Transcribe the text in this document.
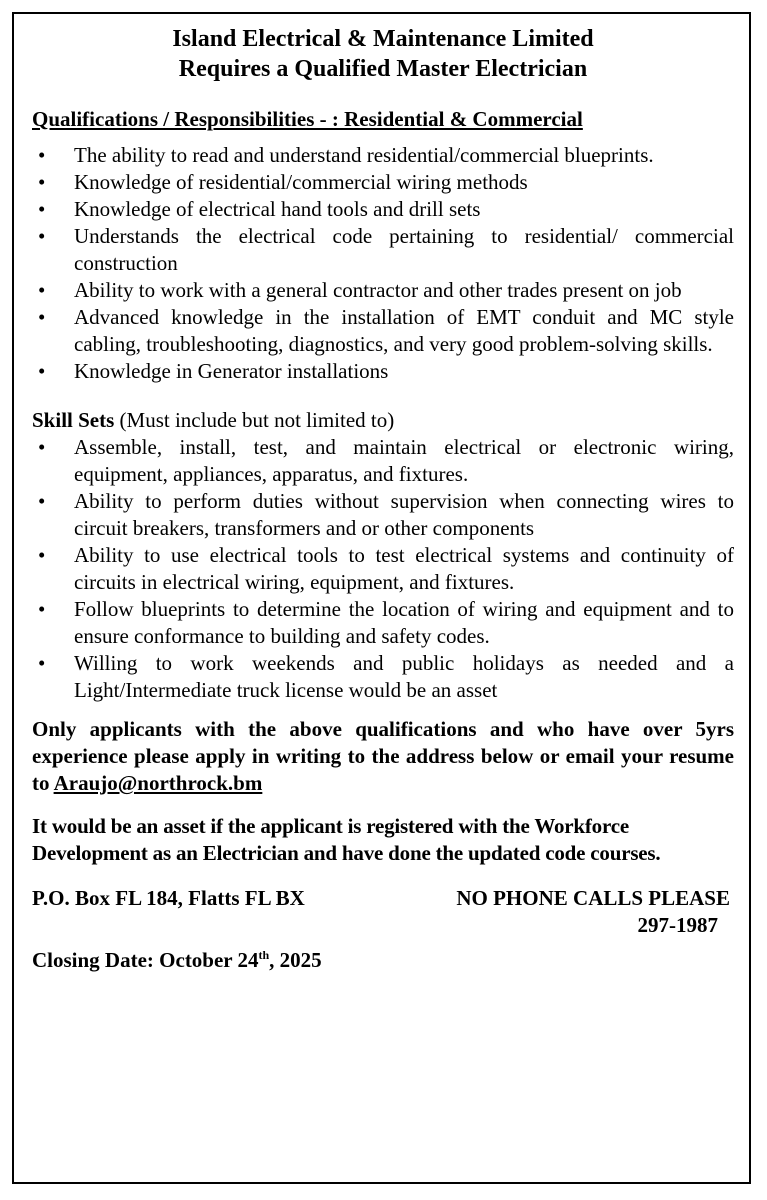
Island Electrical & Maintenance Limited
Requires a Qualified Master Electrician
Qualifications / Responsibilities - : Residential & Commercial
• The ability to read and understand residential/commercial blueprints.
• Knowledge of residential/commercial wiring methods
• Knowledge of electrical hand tools and drill sets
• Understands the electrical code pertaining to residential/ commercial construction
• Ability to work with a general contractor and other trades present on job
• Advanced knowledge in the installation of EMT conduit and MC style cabling, troubleshooting, diagnostics, and very good problem-solving skills.
• Knowledge in Generator installations
Skill Sets (Must include but not limited to)
• Assemble, install, test, and maintain electrical or electronic wiring, equipment, appliances, apparatus, and fixtures.
• Ability to perform duties without supervision when connecting wires to circuit breakers, transformers and or other components
• Ability to use electrical tools to test electrical systems and continuity of circuits in electrical wiring, equipment, and fixtures.
• Follow blueprints to determine the location of wiring and equipment and to ensure conformance to building and safety codes.
• Willing to work weekends and public holidays as needed and a Light/Intermediate truck license would be an asset
Only applicants with the above qualifications and who have over 5yrs experience please apply in writing to the address below or email your resume to Araujo@northrock.bm
It would be an asset if the applicant is registered with the Workforce Development as an Electrician and have done the updated code courses.
P.O. Box FL 184, Flatts FL BX	NO PHONE CALLS PLEASE
297-1987
Closing Date: October 24th, 2025
